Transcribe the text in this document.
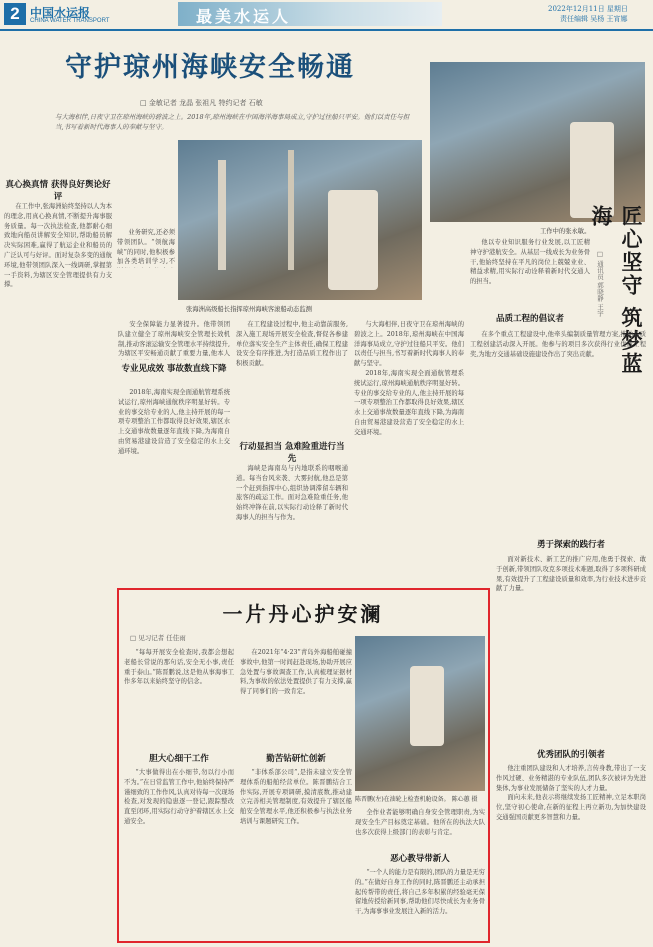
2 中国水运报
CHINA WATER TRANSPORT	最美水运人	2022年12月11日 星期日
责任编辑 吴杨 王宵娜
守护琼州海峡安全畅通
□ 金敏记者 龙晶 张祖凡 特约记者 石敏
与大海相伴,日夜守卫在琼州海峡的碧波之上。2018年,琼州海峡在中国海洋海事局成立,守护过往船只平安。他们以责任与担当,书写着新时代海事人的奉献与坚守。
张海洲高级船长指挥琼州海峡客滚船动态监测
真心换真情 获得良好舆论好评

在工作中,张海洲始终坚持以人为本的理念,用真心换真情,不断提升海事服务质量。每一次执法检查,他都耐心细致地向船员讲解安全知识,帮助船员解决实际困难,赢得了航运企业和船员的广泛认可与好评。面对复杂多变的通航环境,他带领团队深入一线调研,掌握第一手资料,为辖区安全管理提供有力支撑。

业务研究,还必须带领团队。“领航海峡”的同时,他积极参加各类培训学习,不

安全保障能力显著提升。他带领团队建立健全了琼州海峡安全管理长效机制,推动客滚运输安全管理水平持续提升,为辖区平安畅通贡献了重要力量,他本人

专业见成效 事故数直线下降

2018年,海南实现全面通航管理系统试运行,琼州海峡通航秩序明显好转。专业的事交给专业的人,他主持开展的每一项专项整治工作都取得良好效果,辖区水上交通事故数量逐年直线下降,为海南自由贸易港建设营造了安全稳定的水上交通环境。

在工程建设过程中,他主动靠前服务,深入施工现场开展安全检查,督促各参建单位落实安全生产主体责任,确保工程建设安全有序推进,为打造品质工程作出了积极贡献。

行动显担当 急难险重进行当先

海峡是海南岛与内地联系的咽喉通道。每当台风来袭、大雾封航,他总是第一个赶到指挥中心,组织协调滞留车辆和旅客的疏运工作。面对急难险重任务,他始终冲锋在前,以实际行动诠释了新时代海事人的担当与作为。

与大海相伴,日夜守卫在琼州海峡的碧波之上。2018年,琼州海峡在中国海洋海事局成立,守护过往船只平安。他们以责任与担当,书写着新时代海事人的奉献与坚守。

2018年,海南实现全面通航管理系统试运行,琼州海峡通航秩序明显好转。专业的事交给专业的人,他主持开展的每一项专项整治工作都取得良好效果,辖区水上交通事故数量逐年直线下降,为海南自由贸易港建设营造了安全稳定的水上交通环境。

工作中的张永敏。	匠心坚守 筑梦蓝海
□ 通讯员 郭晓静 王宇

他以专业知识服务行业发展,以工匠精神守护港航安全。从基层一线成长为业务骨干,他始终坚持在平凡的岗位上兢兢业业、精益求精,用实际行动诠释着新时代交通人的担当。

品质工程的倡议者

在多个重点工程建设中,他牵头编制质量管理方案,推动品质工程创建活动深入开展。他参与的项目多次获得行业优质工程奖,为地方交通基础设施建设作出了突出贡献。

勇于探索的践行者

面对新技术、新工艺的推广应用,他勇于探索、敢于创新,带领团队攻克多项技术难题,取得了多项科研成果,有效提升了工程建设质量和效率,为行业技术进步贡献了力量。

优秀团队的引领者

他注重团队建设和人才培养,言传身教,带出了一支作风过硬、业务精湛的专业队伍,团队多次被评为先进集体,为事业发展储备了坚实的人才力量。

面向未来,他表示将继续发扬工匠精神,立足本职岗位,坚守初心使命,在新的征程上再立新功,为加快建设交通强国贡献更多智慧和力量。

一片丹心护安澜
□ 见习记者 任佳雨

“每每开展安全检查时,我都会想起老船长常说的那句话,安全无小事,责任重于泰山。”陈晋鹏说,这是他从事海事工作多年以来始终坚守的信念。

胆大心细干工作

“大事做得出在小细节,勿以行小而不为。”在日常监管工作中,他始终保持严谨细致的工作作风,认真对待每一次现场检查,对发现的隐患逐一登记,跟踪整改直至闭环,用实际行动守护着辖区水上交通安全。

在2021年“4·23”青岛外海船舶碰撞事故中,他第一时间赶赴现场,协助开展应急处置与事故调查工作,认真梳理证据材料,为事故的依法处置提供了有力支撑,赢得了同事们的一致肯定。

勤苦钻研忙创新

“非体系部公司”,是指未建立安全管理体系的船舶经营单位。陈晋鹏结合工作实际,开展专项调研,摸清底数,推动建立完善相关管理制度,有效提升了辖区船舶安全管理水平,他还积极参与执法业务培训与课题研究工作。

陈晋鹏(左)在油轮上检查机舱设备。 陈心蕙 摄

全作业者能够明确自身安全管理职责,为实现安全生产目标奠定基础。他所在的执法大队也多次获得上级部门的表彰与肯定。

恶心教导带新人

“一个人的能力是有限的,团队的力量是无穷的。”在做好自身工作的同时,陈晋鹏还主动承担起传帮带的责任,将自己多年积累的经验毫无保留地传授给新同事,帮助他们尽快成长为业务骨干,为海事事业发展注入新的活力。
